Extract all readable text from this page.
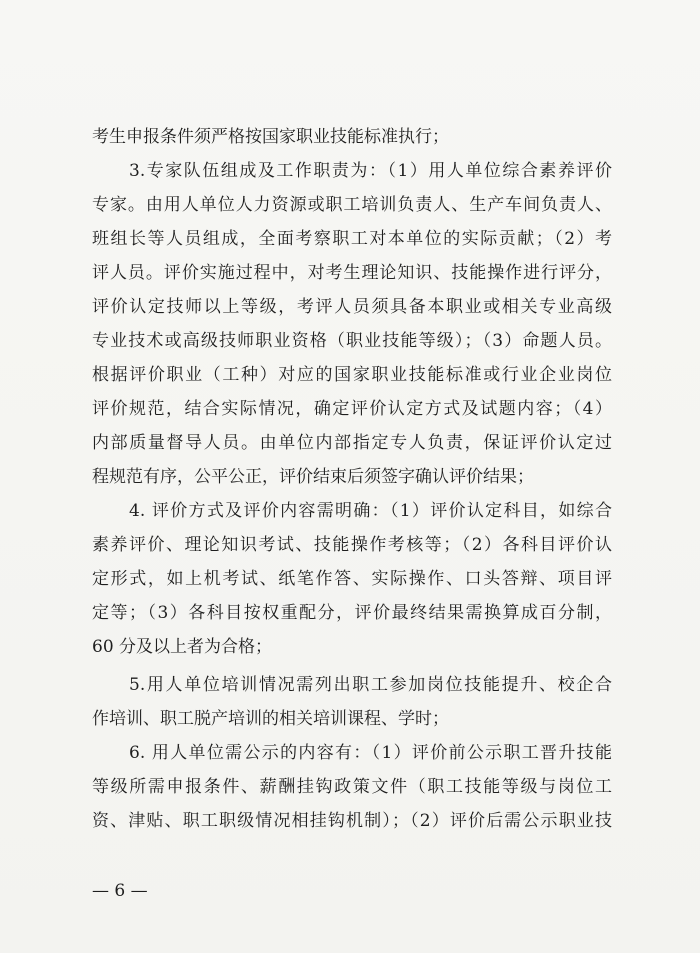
考生申报条件须严格按国家职业技能标准执行；
3.专家队伍组成及工作职责为：（1）用人单位综合素养评价
专家。由用人单位人力资源或职工培训负责人、生产车间负责人、
班组长等人员组成，全面考察职工对本单位的实际贡献；（2）考
评人员。评价实施过程中，对考生理论知识、技能操作进行评分，
评价认定技师以上等级，考评人员须具备本职业或相关专业高级
专业技术或高级技师职业资格（职业技能等级）；（3）命题人员。
根据评价职业（工种）对应的国家职业技能标准或行业企业岗位
评价规范，结合实际情况，确定评价认定方式及试题内容；（4）
内部质量督导人员。由单位内部指定专人负责，保证评价认定过
程规范有序，公平公正，评价结束后须签字确认评价结果；
4. 评价方式及评价内容需明确：（1）评价认定科目，如综合
素养评价、理论知识考试、技能操作考核等；（2）各科目评价认
定形式，如上机考试、纸笔作答、实际操作、口头答辩、项目评
定等；（3）各科目按权重配分，评价最终结果需换算成百分制，
60 分及以上者为合格；
5.用人单位培训情况需列出职工参加岗位技能提升、校企合
作培训、职工脱产培训的相关培训课程、学时；
6. 用人单位需公示的内容有：（1）评价前公示职工晋升技能
等级所需申报条件、薪酬挂钩政策文件（职工技能等级与岗位工
资、津贴、职工职级情况相挂钩机制）；（2）评价后需公示职业技
— 6 —
